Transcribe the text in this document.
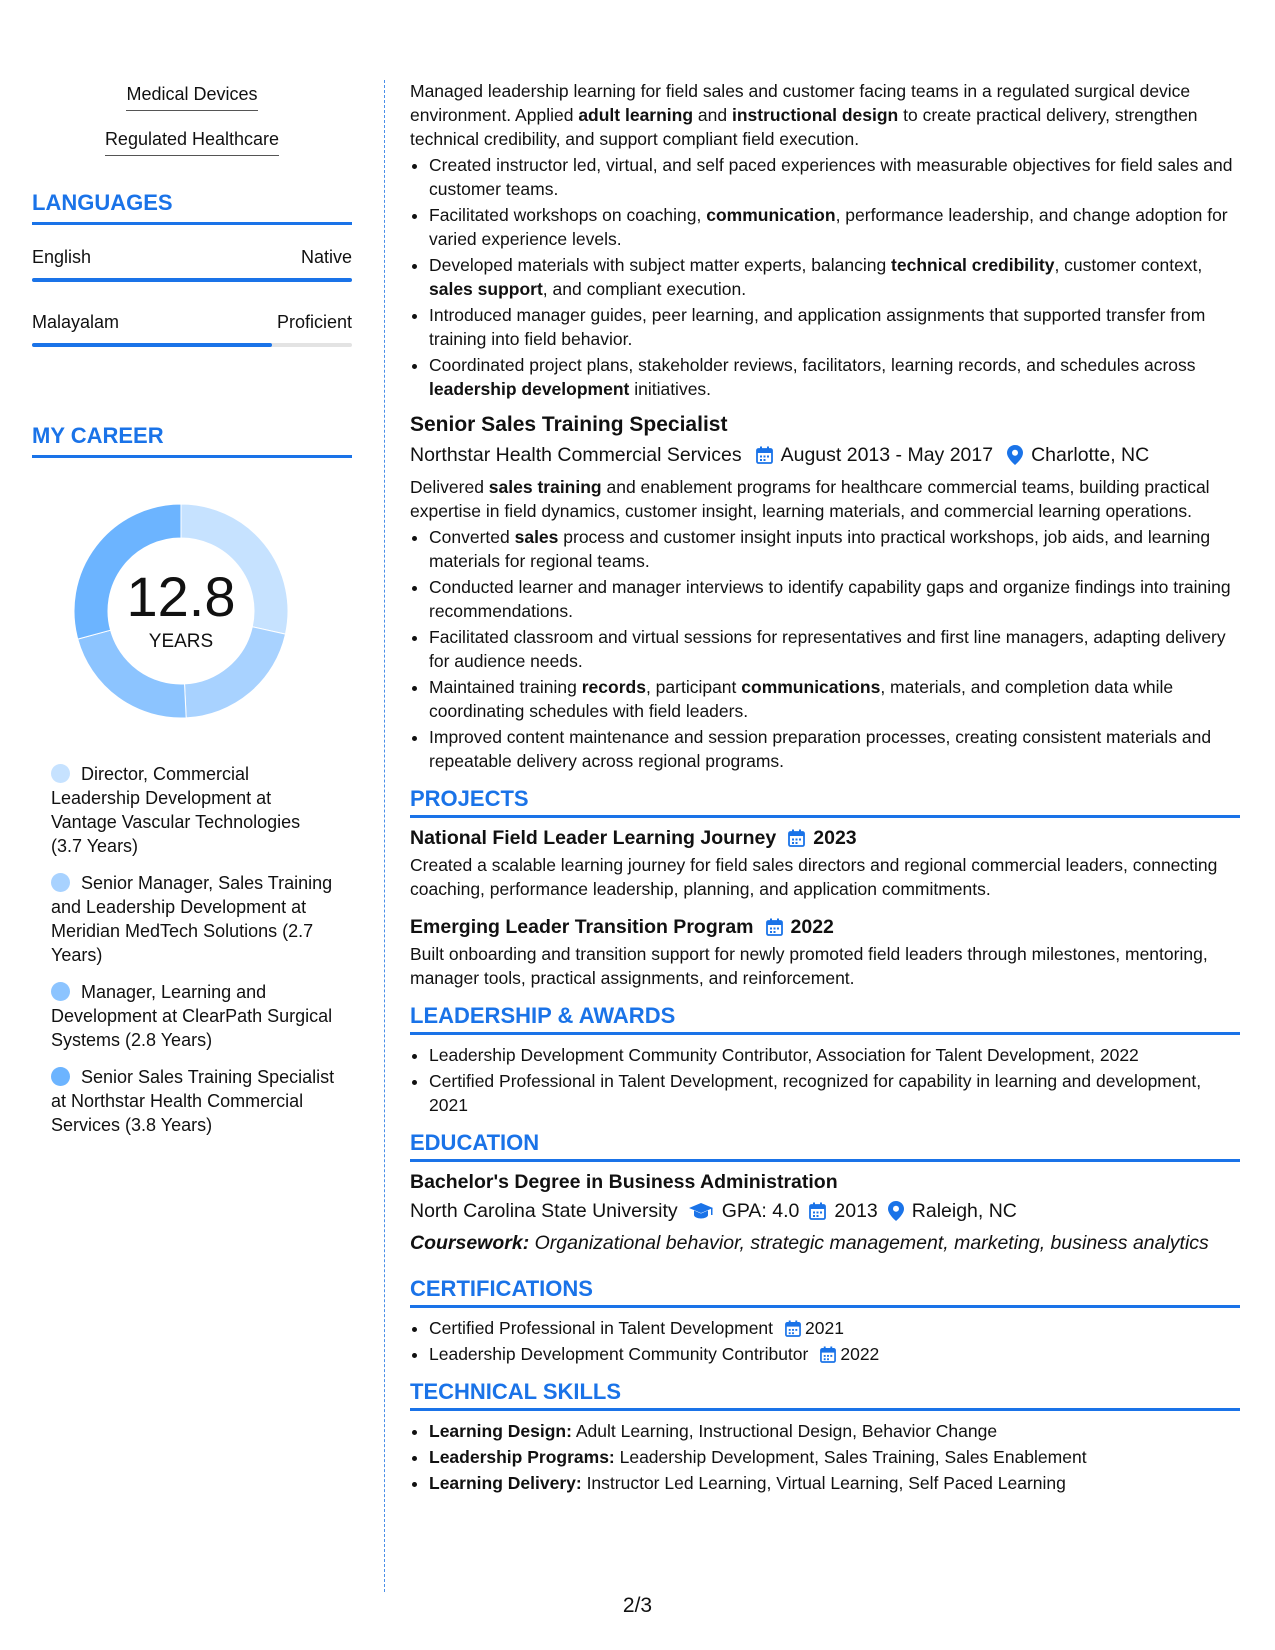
Medical Devices
Regulated Healthcare
LANGUAGES
English	Native
Malayalam	Proficient
MY CAREER
12.8
YEARS
Director, Commercial Leadership Development at Vantage Vascular Technologies (3.7 Years)
Senior Manager, Sales Training and Leadership Development at Meridian MedTech Solutions (2.7 Years)
Manager, Learning and Development at ClearPath Surgical Systems (2.8 Years)
Senior Sales Training Specialist at Northstar Health Commercial Services (3.8 Years)

Managed leadership learning for field sales and customer facing teams in a regulated surgical device environment. Applied adult learning and instructional design to create practical delivery, strengthen technical credibility, and support compliant field execution.

• Created instructor led, virtual, and self paced experiences with measurable objectives for field sales and customer teams.
• Facilitated workshops on coaching, communication, performance leadership, and change adoption for varied experience levels.
• Developed materials with subject matter experts, balancing technical credibility, customer context, sales support, and compliant execution.
• Introduced manager guides, peer learning, and application assignments that supported transfer from training into field behavior.
• Coordinated project plans, stakeholder reviews, facilitators, learning records, and schedules across leadership development initiatives.
Senior Sales Training Specialist
Northstar Health Commercial Services August 2013 - May 2017 Charlotte, NC

Delivered sales training and enablement programs for healthcare commercial teams, building practical expertise in field dynamics, customer insight, learning materials, and commercial learning operations.

• Converted sales process and customer insight inputs into practical workshops, job aids, and learning materials for regional teams.
• Conducted learner and manager interviews to identify capability gaps and organize findings into training recommendations.
• Facilitated classroom and virtual sessions for representatives and first line managers, adapting delivery for audience needs.
• Maintained training records, participant communications, materials, and completion data while coordinating schedules with field leaders.
• Improved content maintenance and session preparation processes, creating consistent materials and repeatable delivery across regional programs.
PROJECTS
National Field Leader Learning Journey 2023

Created a scalable learning journey for field sales directors and regional commercial leaders, connecting coaching, performance leadership, planning, and application commitments.

Emerging Leader Transition Program 2022

Built onboarding and transition support for newly promoted field leaders through milestones, mentoring, manager tools, practical assignments, and reinforcement.

LEADERSHIP & AWARDS
• Leadership Development Community Contributor, Association for Talent Development, 2022
• Certified Professional in Talent Development, recognized for capability in learning and development, 2021
EDUCATION
Bachelor's Degree in Business Administration
North Carolina State University GPA: 4.0 2013 Raleigh, NC
Coursework: Organizational behavior, strategic management, marketing, business analytics
CERTIFICATIONS
• Certified Professional in Talent Development 2021
• Leadership Development Community Contributor 2022
TECHNICAL SKILLS
• Learning Design: Adult Learning, Instructional Design, Behavior Change
• Leadership Programs: Leadership Development, Sales Training, Sales Enablement
• Learning Delivery: Instructor Led Learning, Virtual Learning, Self Paced Learning
2/3
